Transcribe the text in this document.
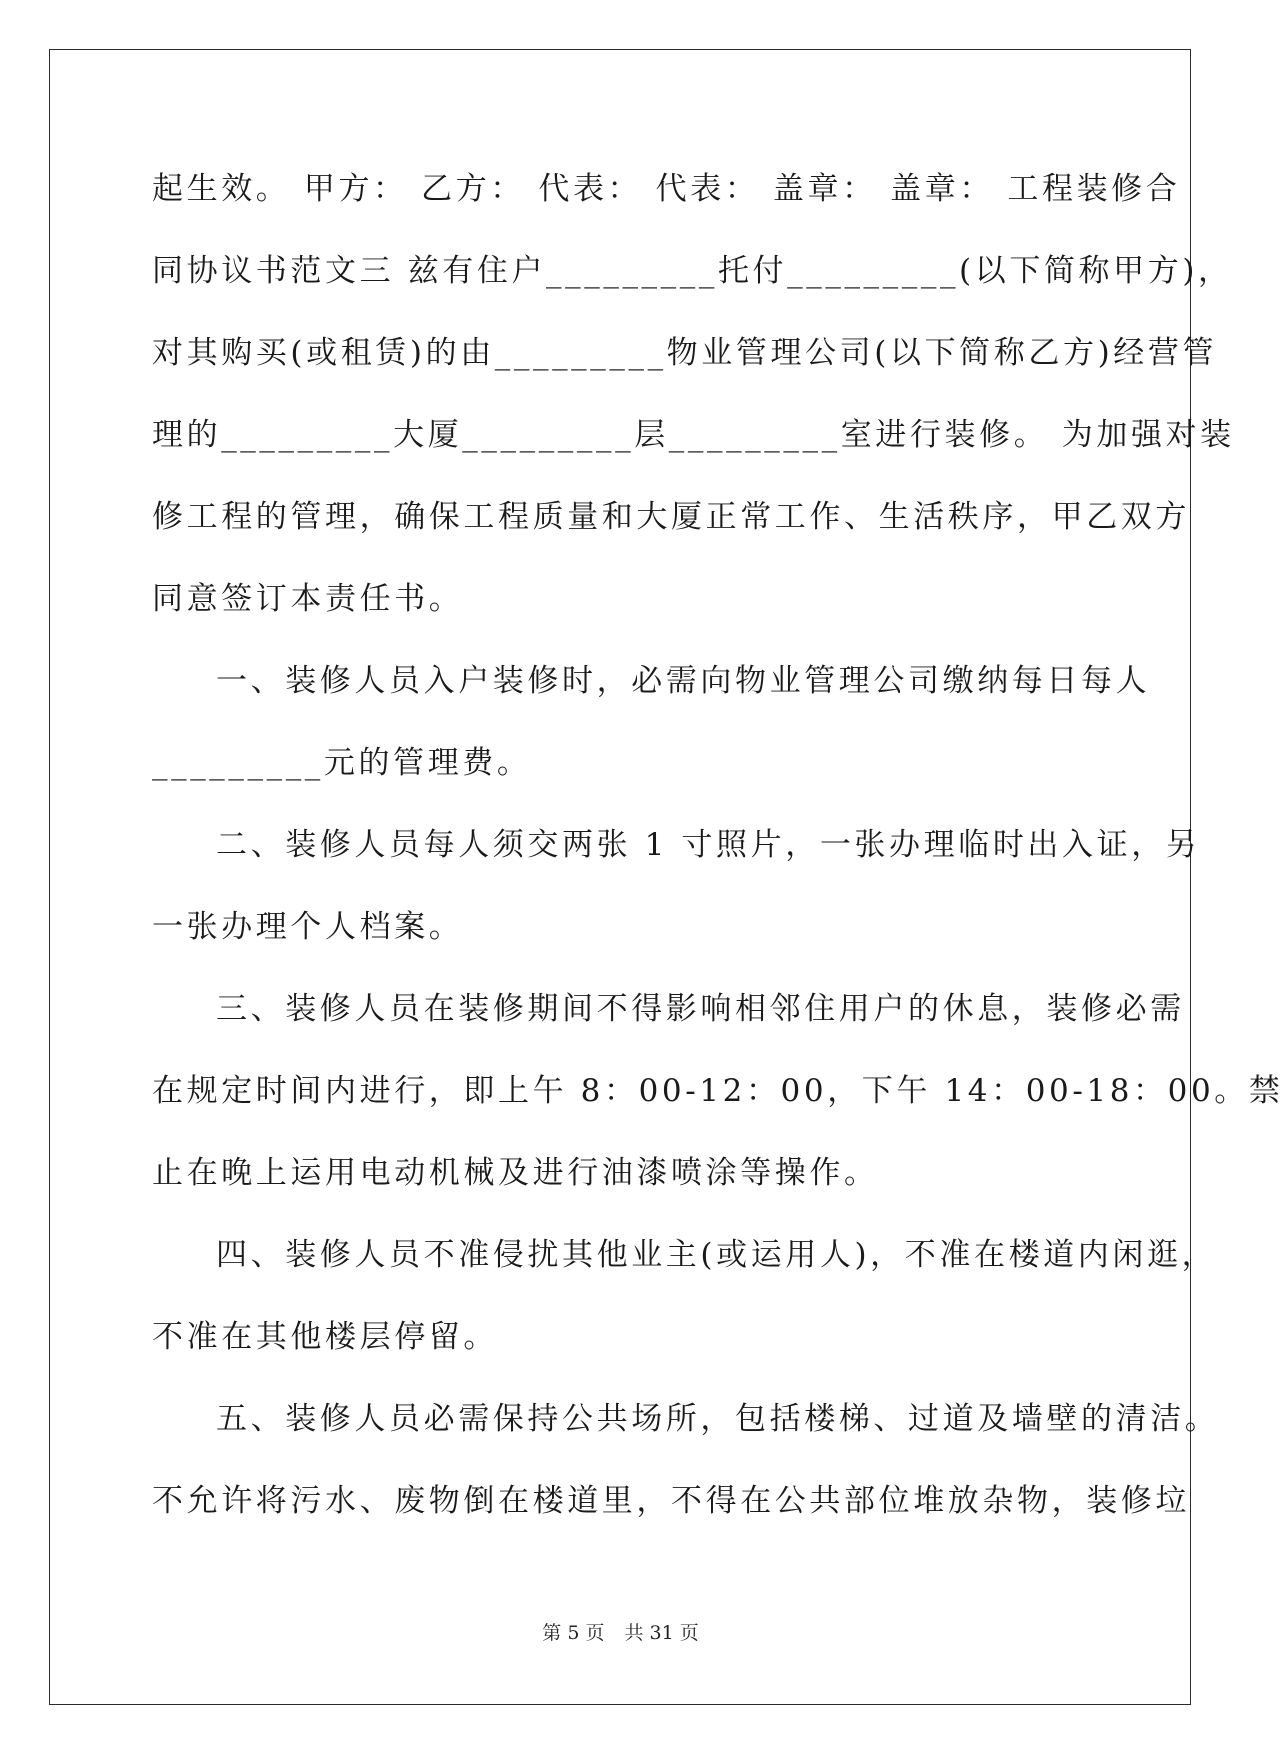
起生效。 甲方： 乙方： 代表： 代表： 盖章： 盖章： 工程装修合
同协议书范文三 兹有住户_________托付_________(以下简称甲方)，
对其购买(或租赁)的由_________物业管理公司(以下简称乙方)经营管
理的_________大厦_________层_________室进行装修。 为加强对装
修工程的管理，确保工程质量和大厦正常工作、生活秩序，甲乙双方
同意签订本责任书。
一、装修人员入户装修时，必需向物业管理公司缴纳每日每人
_________元的管理费。
二、装修人员每人须交两张 1 寸照片，一张办理临时出入证，另
一张办理个人档案。
三、装修人员在装修期间不得影响相邻住用户的休息，装修必需
在规定时间内进行，即上午 8：00-12：00，下午 14：00-18：00。禁
止在晚上运用电动机械及进行油漆喷涂等操作。
四、装修人员不准侵扰其他业主(或运用人)，不准在楼道内闲逛，
不准在其他楼层停留。
五、装修人员必需保持公共场所，包括楼梯、过道及墙壁的清洁。
不允许将污水、废物倒在楼道里，不得在公共部位堆放杂物，装修垃
第 5 页 共 31 页
